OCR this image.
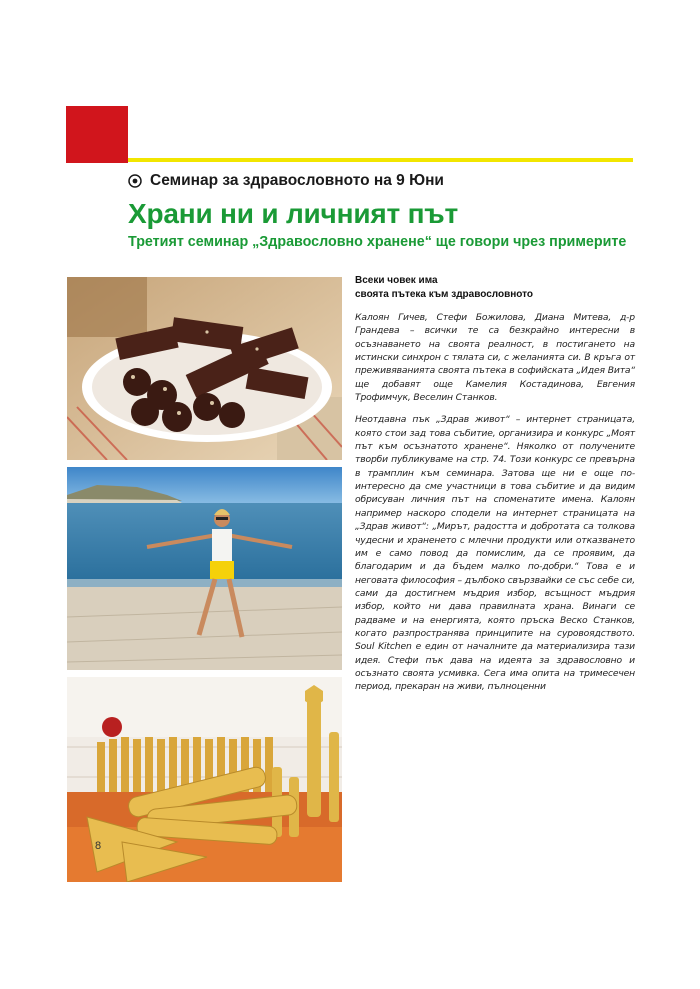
Семинар за здравословното на 9 Юни
Храни ни и личният път
Третият семинар „Здравословно хранене“ ще говори чрез примерите
8

Всеки човек има
своята пътека към здравословното

Калоян Гичев, Стефи Божилова, Диана Митева, д-р Грандева – всички те са безкрайно интересни в осъзнаването на своята реалност, в постигането на истински синхрон с тялата си, с желанията си. В кръга от преживяванията своята пътека в софийската „Идея Вита“ ще добавят още Камелия Костадинова, Евгения Трофимчук, Веселин Станков.

Неотдавна пък „Здрав живот“ – интернет страницата, която стои зад това събитие, организира и конкурс „Моят път към осъзнатото хранене“. Няколко от получените творби публикуваме на стр. 74. Този конкурс се превърна в трамплин към семинара. Затова ще ни е още по-интересно да сме участници в това събитие и да видим обрисуван личния път на споменатите имена. Калоян например наскоро сподели на интернет страницата на „Здрав живот“: „Мирът, радостта и добротата са толкова чудесни и храненето с млечни продукти или отказването им е само повод да помислим, да се проявим, да благодарим и да бъдем малко по-добри.“ Това е и неговата философия – дълбоко свързвайки се със себе си, сами да достигнем мъдрия избор, всъщност мъдрия избор, който ни дава правилната храна. Винаги се радваме и на енергията, която пръска Веско Станков, когато разпространява принципите на суровоядството. Soul Kitchen е един от началните да материализира тази идея. Стефи пък дава на идеята за здравословно и осъзнато своята усмивка. Сега има опита на тримесечен период, прекаран на живи, пълноценни
